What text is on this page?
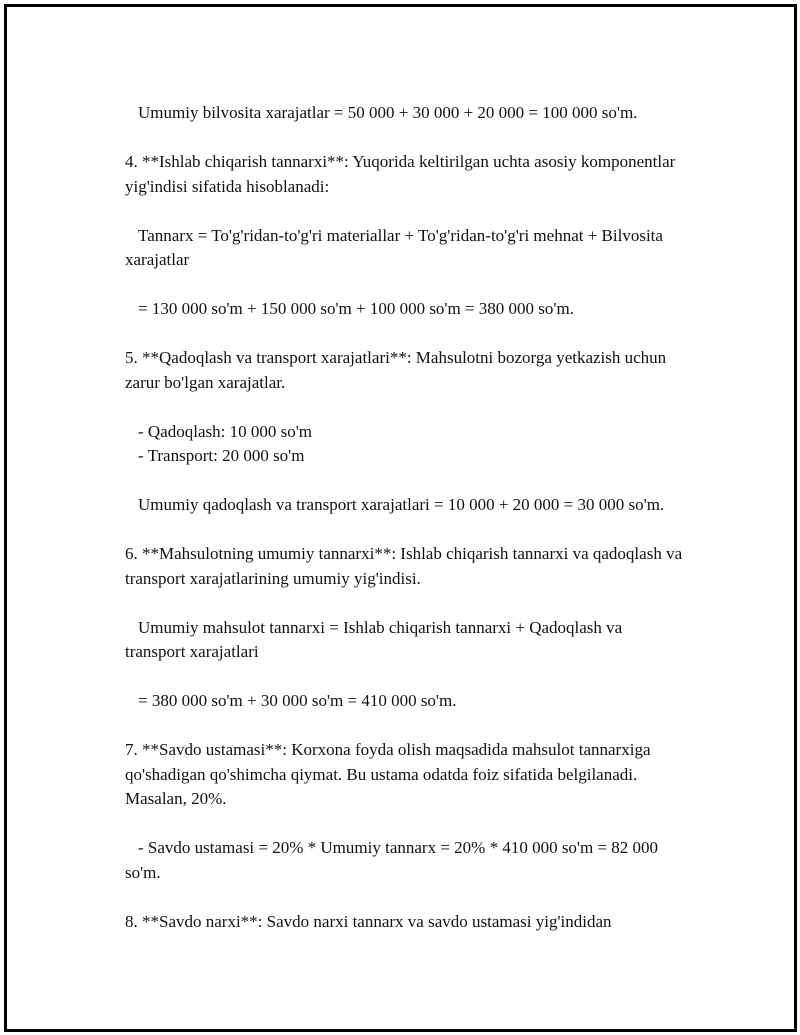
Umumiy bilvosita xarajatlar = 50 000 + 30 000 + 20 000 = 100 000 so'm.

4. **Ishlab chiqarish tannarxi**: Yuqorida keltirilgan uchta asosiy komponentlar yig'indisi sifatida hisoblanadi:

Tannarx = To'g'ridan-to'g'ri materiallar + To'g'ridan-to'g'ri mehnat + Bilvosita xarajatlar

= 130 000 so'm + 150 000 so'm + 100 000 so'm = 380 000 so'm.

5. **Qadoqlash va transport xarajatlari**: Mahsulotni bozorga yetkazish uchun zarur bo'lgan xarajatlar.

- Qadoqlash: 10 000 so'm

- Transport: 20 000 so'm

Umumiy qadoqlash va transport xarajatlari = 10 000 + 20 000 = 30 000 so'm.

6. **Mahsulotning umumiy tannarxi**: Ishlab chiqarish tannarxi va qadoqlash va transport xarajatlarining umumiy yig'indisi.

Umumiy mahsulot tannarxi = Ishlab chiqarish tannarxi + Qadoqlash va transport xarajatlari

= 380 000 so'm + 30 000 so'm = 410 000 so'm.

7. **Savdo ustamasi**: Korxona foyda olish maqsadida mahsulot tannarxiga qo'shadigan qo'shimcha qiymat. Bu ustama odatda foiz sifatida belgilanadi. Masalan, 20%.

- Savdo ustamasi = 20% * Umumiy tannarx = 20% * 410 000 so'm = 82 000 so'm.

8. **Savdo narxi**: Savdo narxi tannarx va savdo ustamasi yig'indidan
